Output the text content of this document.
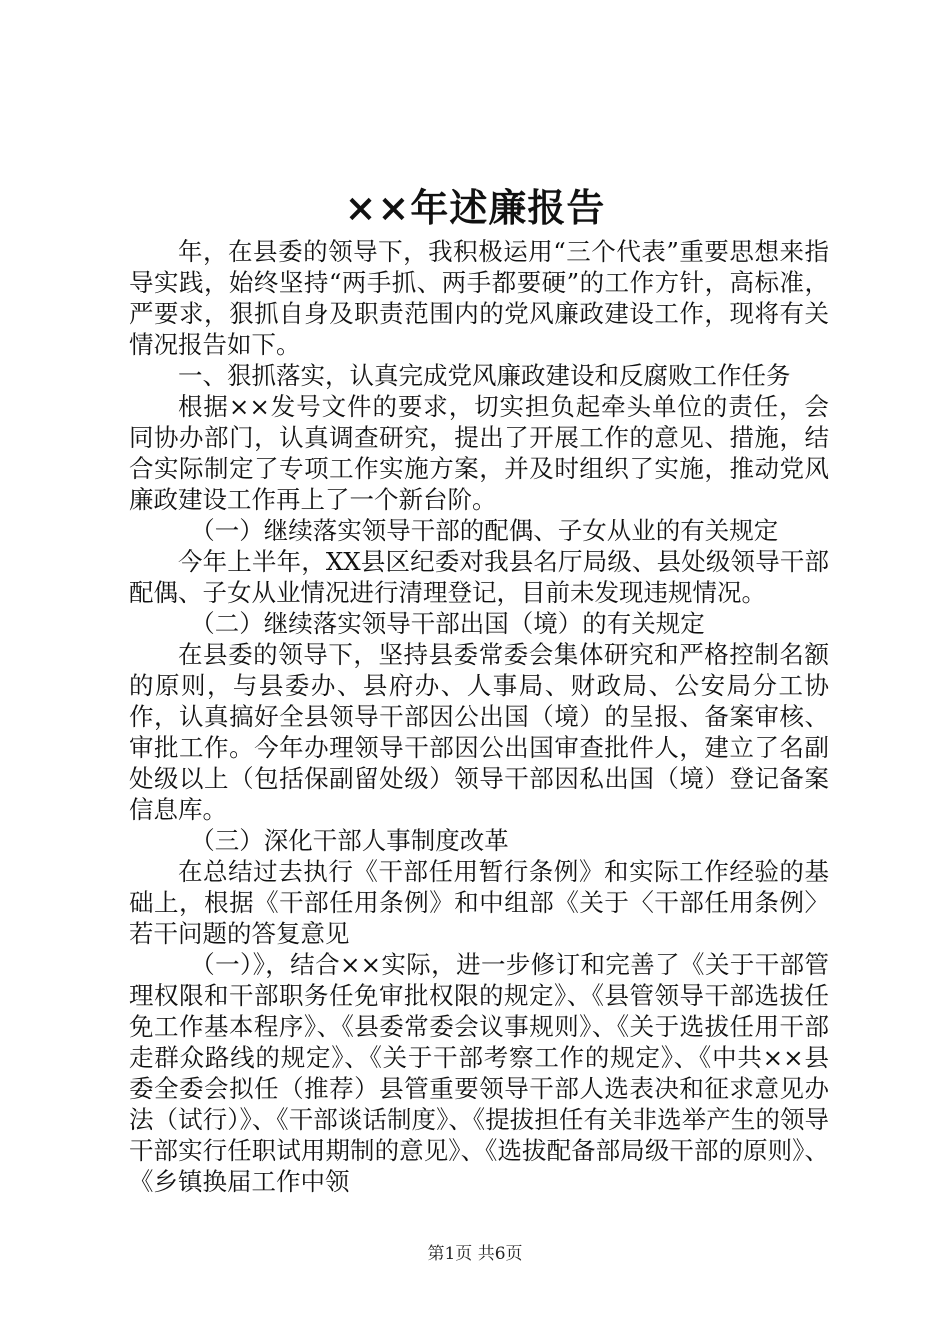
××年述廉报告

年，在县委的领导下，我积极运用“三个代表”重要思想来指导实践，始终坚持“两手抓、两手都要硬”的工作方针，高标准，严要求，狠抓自身及职责范围内的党风廉政建设工作，现将有关情况报告如下。

一、狠抓落实，认真完成党风廉政建设和反腐败工作任务

根据××发号文件的要求，切实担负起牵头单位的责任，会同协办部门，认真调查研究，提出了开展工作的意见、措施，结合实际制定了专项工作实施方案，并及时组织了实施，推动党风廉政建设工作再上了一个新台阶。

（一）继续落实领导干部的配偶、子女从业的有关规定

今年上半年，XX县区纪委对我县名厅局级、县处级领导干部配偶、子女从业情况进行清理登记，目前未发现违规情况。

（二）继续落实领导干部出国（境）的有关规定

在县委的领导下，坚持县委常委会集体研究和严格控制名额的原则，与县委办、县府办、人事局、财政局、公安局分工协作，认真搞好全县领导干部因公出国（境）的呈报、备案审核、审批工作。今年办理领导干部因公出国审查批件人，建立了名副处级以上（包括保副留处级）领导干部因私出国（境）登记备案信息库。

（三）深化干部人事制度改革

在总结过去执行《干部任用暂行条例》和实际工作经验的基础上，根据《干部任用条例》和中组部《关于〈干部任用条例〉若干问题的答复意见

（一）》，结合××实际，进一步修订和完善了《关于干部管理权限和干部职务任免审批权限的规定》、《县管领导干部选拔任免工作基本程序》、《县委常委会议事规则》、《关于选拔任用干部走群众路线的规定》、《关于干部考察工作的规定》、《中共××县委全委会拟任（推荐）县管重要领导干部人选表决和征求意见办法（试行）》、《干部谈话制度》、《提拔担任有关非选举产生的领导干部实行任职试用期制的意见》、《选拔配备部局级干部的原则》、《乡镇换届工作中领

第1页 共6页
